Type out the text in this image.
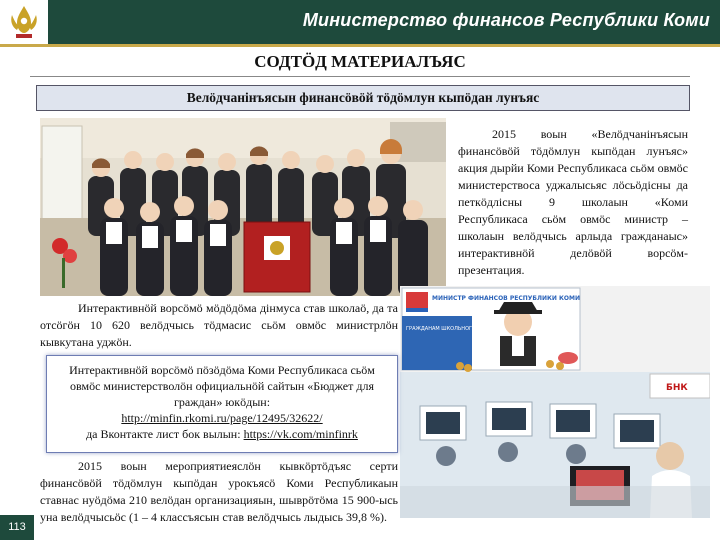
Министерство финансов Республики Коми
СОДТӦД МАТЕРИАЛЪЯС
Велӧдчанінъясын финансӧвӧй тӧдӧмлун кыпӧдан лунъяс
2015 воын «Велӧдчанінъясын финансӧвӧй тӧдӧмлун кыпӧдан лунъяс» акция дырйи Коми Республикаса сьӧм овмӧс министерствоса уджалысьяс лӧсьӧдісны да петкӧдлісны 9 школаын «Коми Республикаса сьӧм овмӧс министр – школаын велӧдчысь арлыда гражданаыс» интерактивнӧй делӧвӧй ворсӧм-презентация.
Интерактивнӧй ворсӧмӧ мӧдӧдӧма дінмуса став школаӧ, да та отсӧгӧн 10 620 велӧдчысь тӧдмасис сьӧм овмӧс министрлӧн кывкутана уджӧн.
МИНИСТР ФИНАНСОВ РЕСПУБЛИКИ КОМИ
ГРАЖДАНАМ ШКОЛЬНОГО ВОЗРАСТА
БНК
Интерактивнӧй ворсӧмӧ пӧзӧдӧма Коми Республикаса сьӧм овмӧс министерстволӧн официальнӧй сайтын «Бюджет для граждан» юкӧдын:
http://minfin.rkomi.ru/page/12495/32622/
да Вконтакте лист бок вылын: https://vk.com/minfinrk
2015 воын мероприятиеяслӧн кывкӧртӧдъяс серти финансӧвӧй тӧдӧмлун кыпӧдан урокъясӧ Коми Республикаын ставнас нуӧдӧма 210 велӧдан организацияын, шыврӧтӧма 15 900-ысь уна велӧдчысьӧс (1 – 4 классъясын став велӧдчысь лыдысь 39,8 %).
113
